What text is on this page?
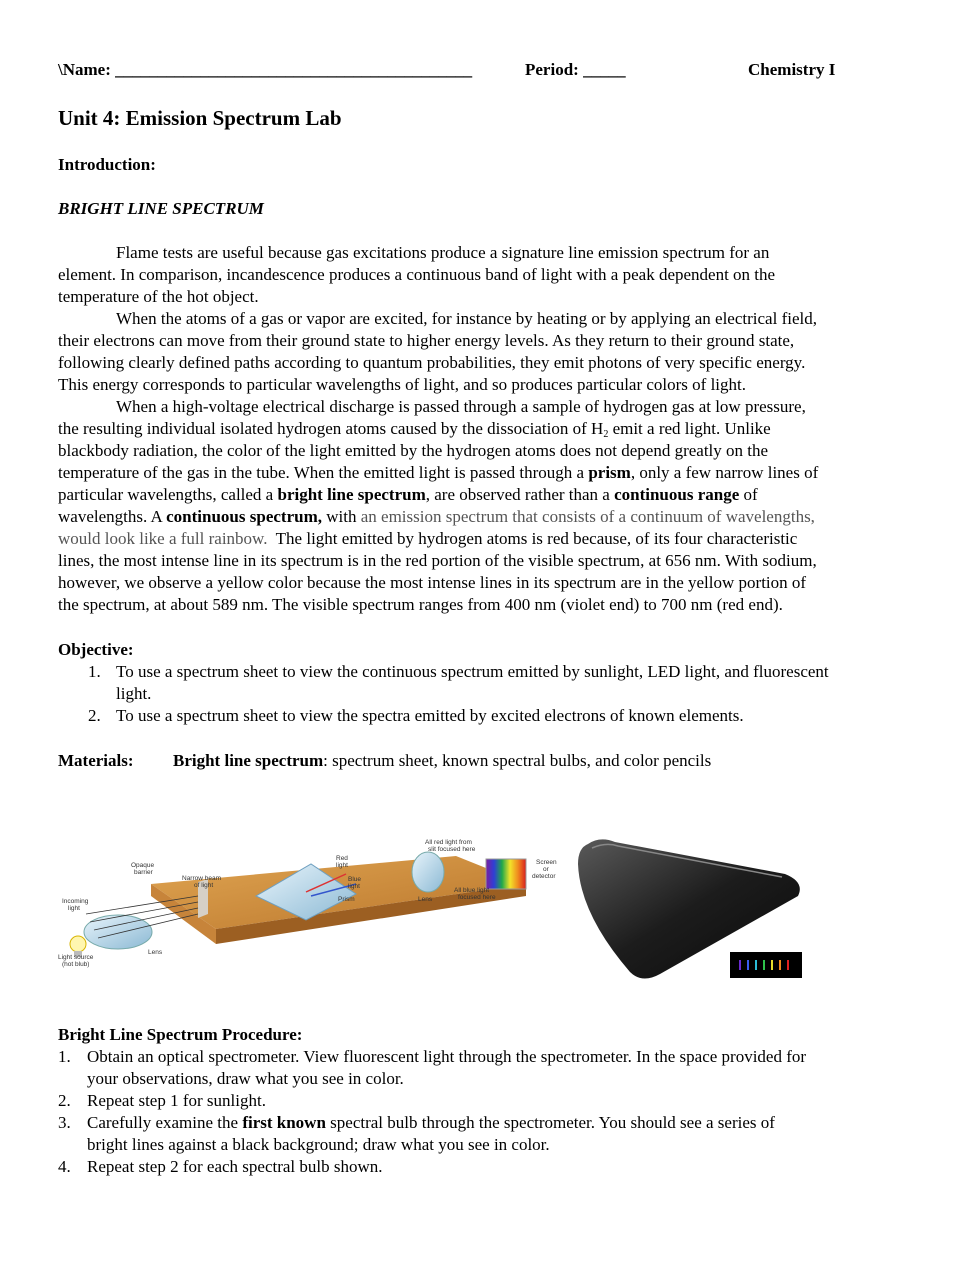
\Name: __________________________________________	Period: _____	Chemistry I
Unit 4: Emission Spectrum Lab
Introduction:
BRIGHT LINE SPECTRUM
Flame tests are useful because gas excitations produce a signature line emission spectrum for an
element. In comparison, incandescence produces a continuous band of light with a peak dependent on the
temperature of the hot object.
When the atoms of a gas or vapor are excited, for instance by heating or by applying an electrical field,
their electrons can move from their ground state to higher energy levels. As they return to their ground state,
following clearly defined paths according to quantum probabilities, they emit photons of very specific energy.
This energy corresponds to particular wavelengths of light, and so produces particular colors of light.
When a high-voltage electrical discharge is passed through a sample of hydrogen gas at low pressure,
the resulting individual isolated hydrogen atoms caused by the dissociation of $H_2$ emit a red light. Unlike
blackbody radiation, the color of the light emitted by the hydrogen atoms does not depend greatly on the
temperature of the gas in the tube. When the emitted light is passed through a prism, only a few narrow lines of
particular wavelengths, called a bright line spectrum, are observed rather than a continuous range of
wavelengths. A continuous spectrum, with an emission spectrum that consists of a continuum of wavelengths,
would look like a full rainbow.  The light emitted by hydrogen atoms is red because, of its four characteristic
lines, the most intense line in its spectrum is in the red portion of the visible spectrum, at 656 nm. With sodium,
however, we observe a yellow color because the most intense lines in its spectrum are in the yellow portion of
the spectrum, at about 589 nm. The visible spectrum ranges from 400 nm (violet end) to 700 nm (red end).
Objective:
1. To use a spectrum sheet to view the continuous spectrum emitted by sunlight, LED light, and fluorescent
light.
2. To use a spectrum sheet to view the spectra emitted by excited electrons of known elements.
Materials: Bright line spectrum: spectrum sheet, known spectral bulbs, and color pencils
Opaque
barrier
Narrow beam
of light
Incoming
light
Red
light
Blue
light
Prism	Lens
Lens
All red light from
slit focused here
All blue light
focused here
Screen
or
detector
Light source
(hot blub)
Bright Line Spectrum Procedure:
1. Obtain an optical spectrometer. View fluorescent light through the spectrometer. In the space provided for
your observations, draw what you see in color.
2. Repeat step 1 for sunlight.
3. Carefully examine the first known spectral bulb through the spectrometer. You should see a series of
bright lines against a black background; draw what you see in color.
4. Repeat step 2 for each spectral bulb shown.
